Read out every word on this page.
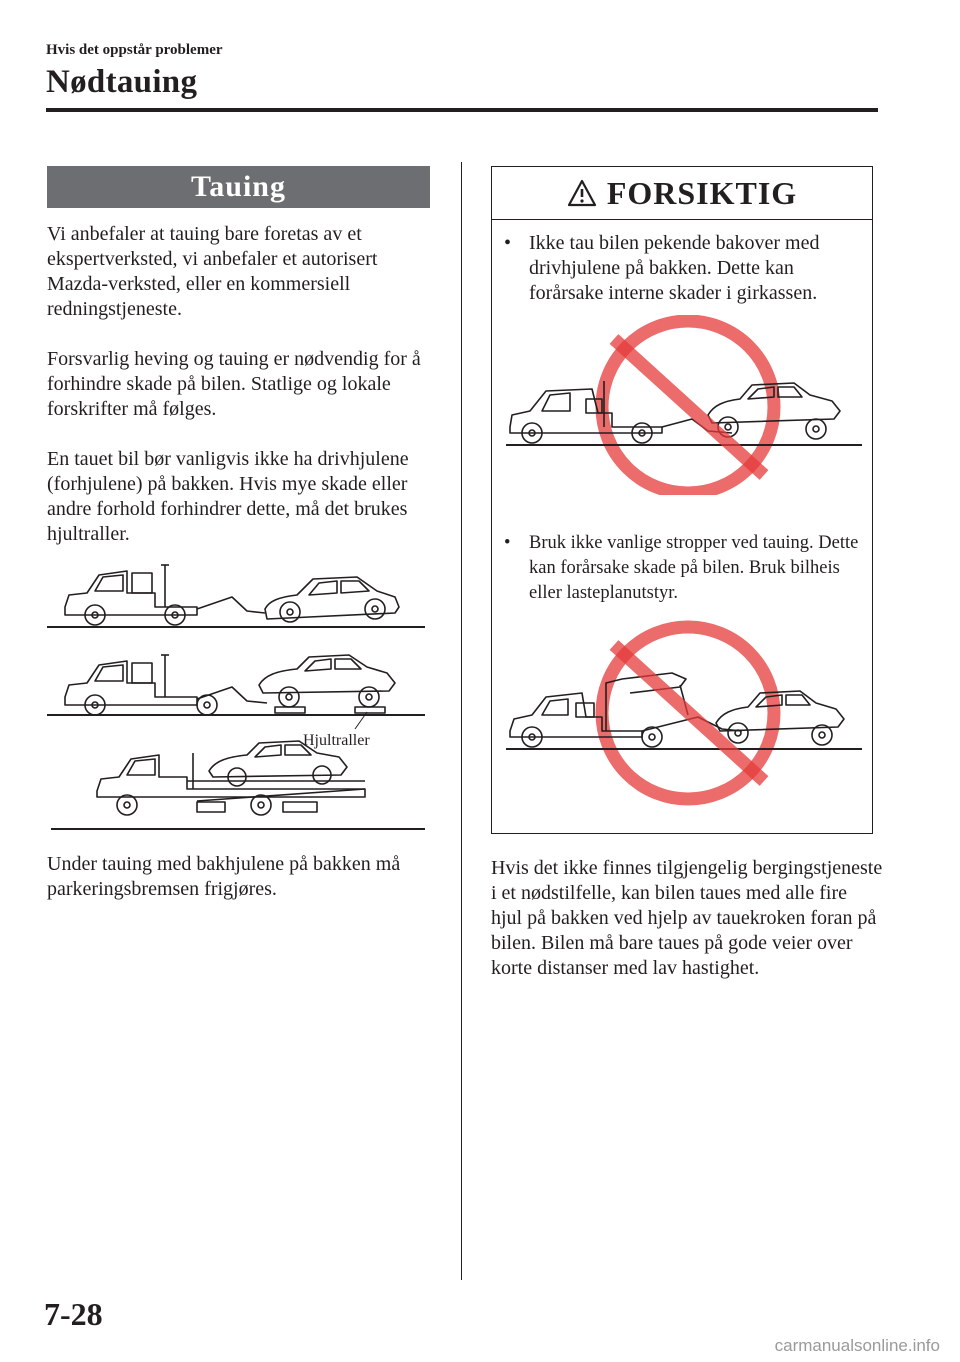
Hvis det oppstår problemer
Nødtauing
Tauing
Vi anbefaler at tauing bare foretas av et ekspertverksted, vi anbefaler et autorisert Mazda-verksted, eller en kommersiell redningstjeneste.
Forsvarlig heving og tauing er nødvendig for å forhindre skade på bilen. Statlige og lokale forskrifter må følges.
En tauet bil bør vanligvis ikke ha drivhjulene (forhjulene) på bakken. Hvis mye skade eller andre forhold forhindrer dette, må det brukes hjultraller.
Hjultraller
Under tauing med bakhjulene på bakken må parkeringsbremsen frigjøres.
FORSIKTIG
• Ikke tau bilen pekende bakover med drivhjulene på bakken. Dette kan forårsake interne skader i girkassen.
• Bruk ikke vanlige stropper ved tauing. Dette kan forårsake skade på bilen. Bruk bilheis eller lasteplanutstyr.
Hvis det ikke finnes tilgjengelig bergingstjeneste i et nødstilfelle, kan bilen taues med alle fire hjul på bakken ved hjelp av tauekroken foran på bilen. Bilen må bare taues på gode veier over korte distanser med lav hastighet.
7-28
carmanualsonline.info
